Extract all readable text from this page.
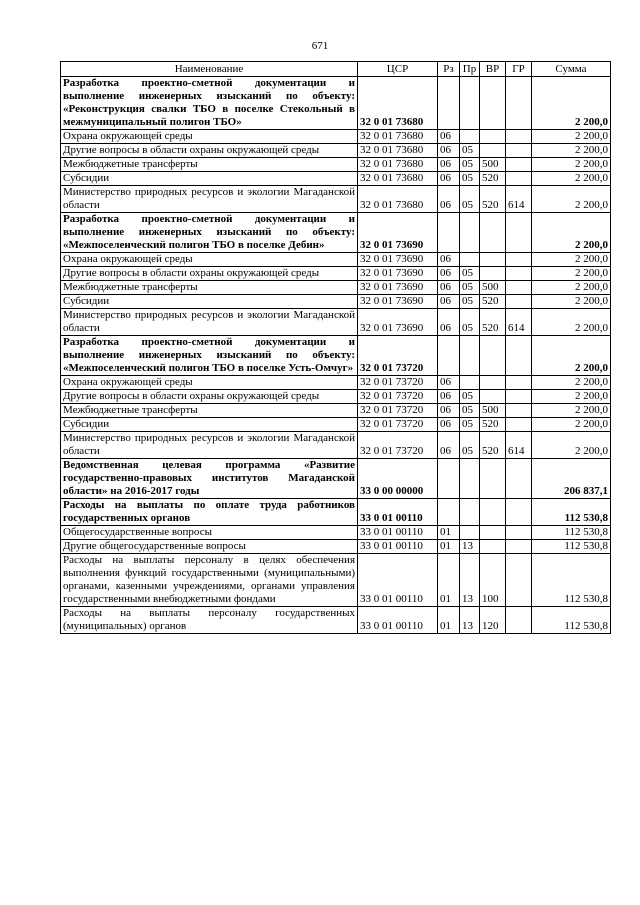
671
Наименование	ЦСР	Рз	Пр	ВР	ГР	Сумма
Разработка проектно-сметной документации и выполнение инженерных изысканий по объекту: «Реконструкция свалки ТБО в поселке Стекольный в межмуниципальный полигон ТБО»	32 0 01 73680					2 200,0
Охрана окружающей среды	32 0 01 73680	06				2 200,0
Другие вопросы в области охраны окружающей среды	32 0 01 73680	06	05			2 200,0
Межбюджетные трансферты	32 0 01 73680	06	05	500		2 200,0
Субсидии	32 0 01 73680	06	05	520		2 200,0
Министерство природных ресурсов и экологии Магаданской области	32 0 01 73680	06	05	520	614	2 200,0
Разработка проектно-сметной документации и выполнение инженерных изысканий по объекту: «Межпоселенческий полигон ТБО в поселке Дебин»	32 0 01 73690					2 200,0
Охрана окружающей среды	32 0 01 73690	06				2 200,0
Другие вопросы в области охраны окружающей среды	32 0 01 73690	06	05			2 200,0
Межбюджетные трансферты	32 0 01 73690	06	05	500		2 200,0
Субсидии	32 0 01 73690	06	05	520		2 200,0
Министерство природных ресурсов и экологии Магаданской области	32 0 01 73690	06	05	520	614	2 200,0
Разработка проектно-сметной документации и выполнение инженерных изысканий по объекту: «Межпоселенческий полигон ТБО в поселке Усть-Омчуг»	32 0 01 73720					2 200,0
Охрана окружающей среды	32 0 01 73720	06				2 200,0
Другие вопросы в области охраны окружающей среды	32 0 01 73720	06	05			2 200,0
Межбюджетные трансферты	32 0 01 73720	06	05	500		2 200,0
Субсидии	32 0 01 73720	06	05	520		2 200,0
Министерство природных ресурсов и экологии Магаданской области	32 0 01 73720	06	05	520	614	2 200,0
Ведомственная целевая программа «Развитие государственно-правовых институтов Магаданской области» на 2016-2017 годы	33 0 00 00000					206 837,1
Расходы на выплаты по оплате труда работников государственных органов	33 0 01 00110					112 530,8
Общегосударственные вопросы	33 0 01 00110	01				112 530,8
Другие общегосударственные вопросы	33 0 01 00110	01	13			112 530,8
Расходы на выплаты персоналу в целях обеспечения выполнения функций государственными (муниципальными) органами, казенными учреждениями, органами управления государственными внебюджетными фондами	33 0 01 00110	01	13	100		112 530,8
Расходы на выплаты персоналу государственных (муниципальных) органов	33 0 01 00110	01	13	120		112 530,8
